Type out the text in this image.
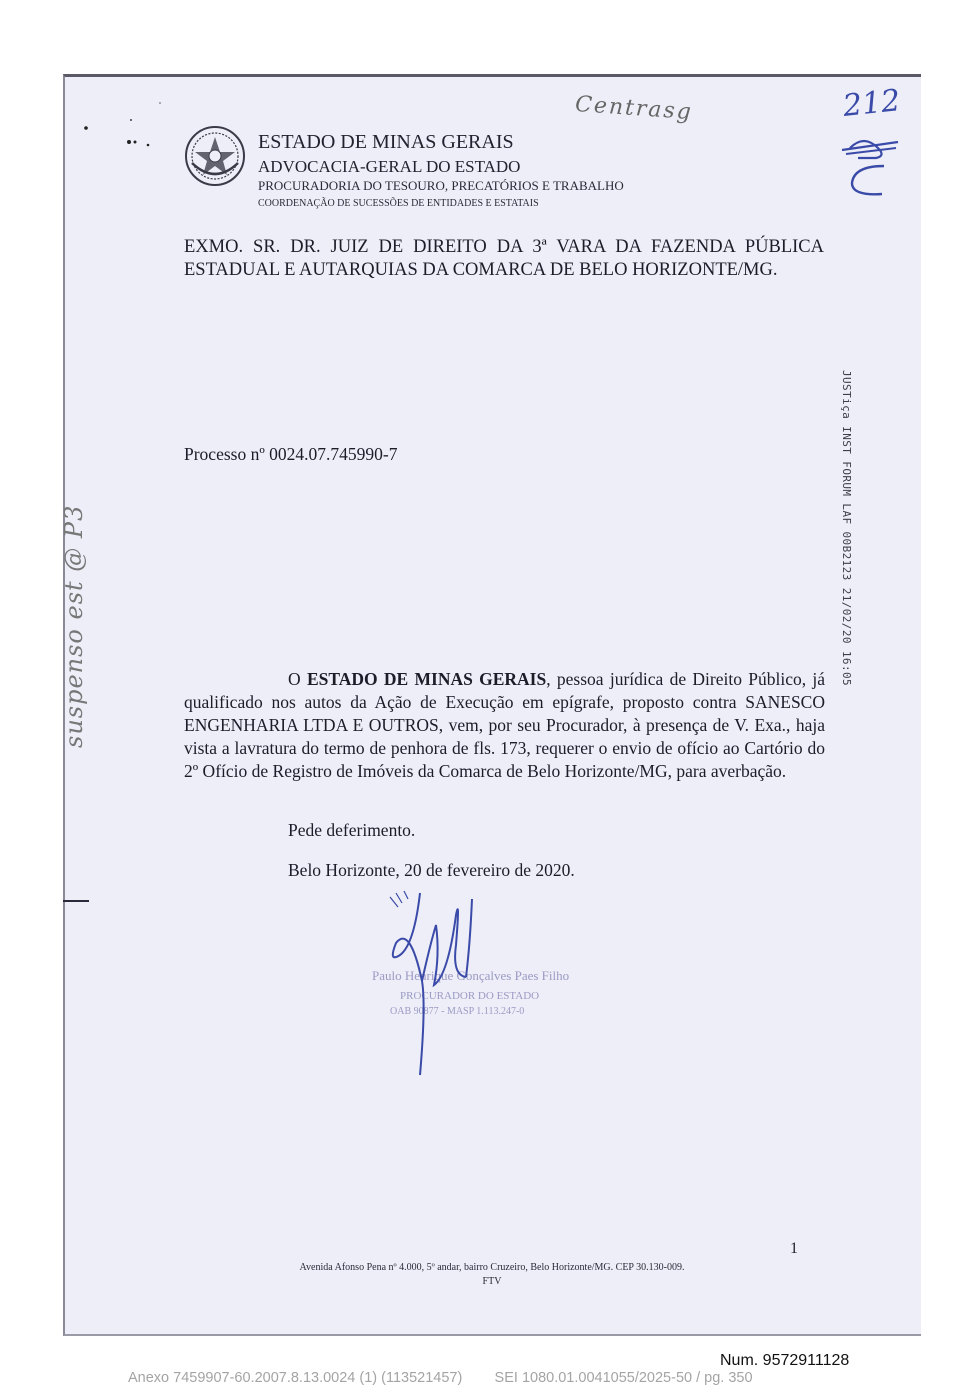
ESTADO DE MINAS GERAIS
ADVOCACIA-GERAL DO ESTADO
PROCURADORIA DO TESOURO, PRECATÓRIOS E TRABALHO
COORDENAÇÃO DE SUCESSÕES DE ENTIDADES E ESTATAIS
Centrasg	212
EXMO. SR. DR. JUIZ DE DIREITO DA 3ª VARA DA FAZENDA PÚBLICA ESTADUAL E AUTARQUIAS DA COMARCA DE BELO HORIZONTE/MG.
Processo nº 0024.07.745990-7	JUSTiça INST FORUM LAF 00B2123 21/02/20 16:05
suspenso est @ P3	O ESTADO DE MINAS GERAIS, pessoa jurídica de Direito Público, já qualificado nos autos da Ação de Execução em epígrafe, proposto contra SANESCO ENGENHARIA LTDA E OUTROS, vem, por seu Procurador, à presença de V. Exa., haja vista a lavratura do termo de penhora de fls. 173, requerer o envio de ofício ao Cartório do 2º Ofício de Registro de Imóveis da Comarca de Belo Horizonte/MG, para averbação.
Pede deferimento.
Belo Horizonte, 20 de fevereiro de 2020.
Paulo Henrique Gonçalves Paes Filho
PROCURADOR DO ESTADO
OAB 90877 - MASP 1.113.247-0
1
Avenida Afonso Pena nº 4.000, 5º andar, bairro Cruzeiro, Belo Horizonte/MG. CEP 30.130-009.
FTV
Num. 9572911128
Anexo 7459907-60.2007.8.13.0024 (1) (113521457) SEI 1080.01.0041055/2025-50 / pg. 350
